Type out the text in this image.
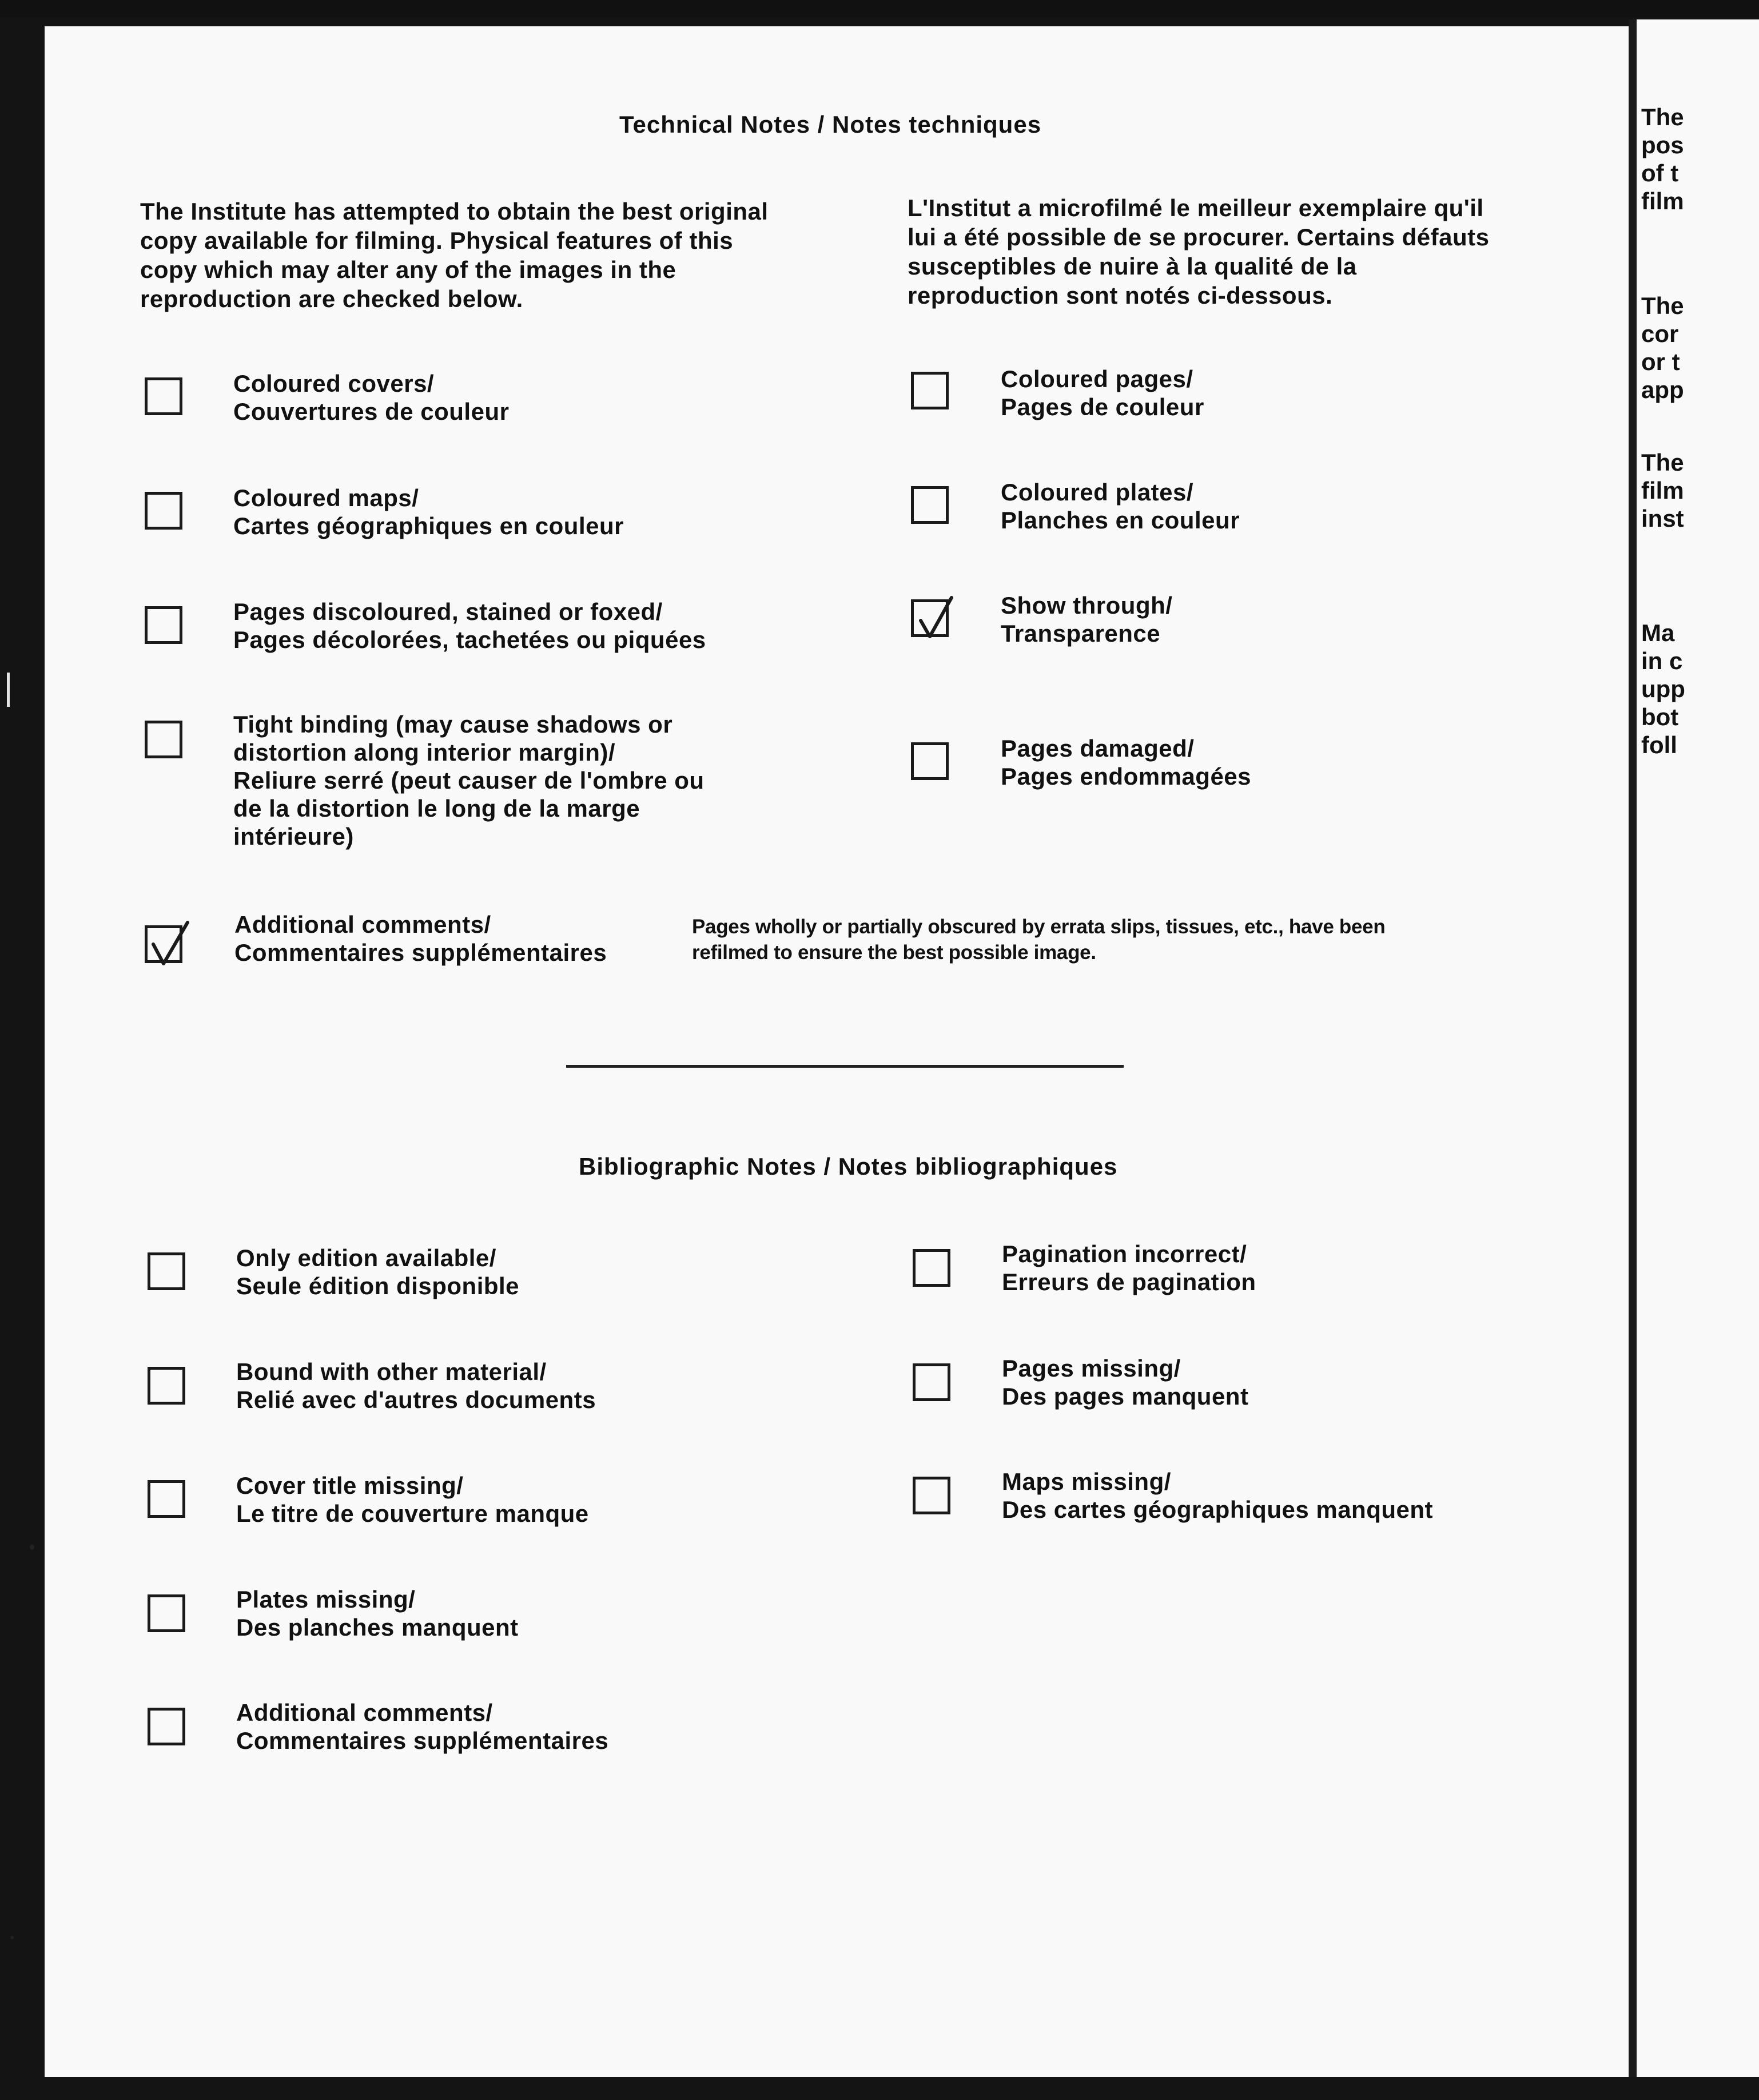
Technical Notes / Notes techniques
The Institute has attempted to obtain the best original copy available for filming. Physical features of this copy which may alter any of the images in the reproduction are checked below.
L'Institut a microfilmé le meilleur exemplaire qu'il lui a été possible de se procurer. Certains défauts susceptibles de nuire à la qualité de la reproduction sont notés ci-dessous.
Coloured covers/
Couvertures de couleur
Coloured maps/
Cartes géographiques en couleur
Pages discoloured, stained or foxed/
Pages décolorées, tachetées ou piquées
Tight binding (may cause shadows or
distortion along interior margin)/
Reliure serré (peut causer de l'ombre ou
de la distortion le long de la marge
intérieure)
Coloured pages/
Pages de couleur
Coloured plates/
Planches en couleur
Show through/
Transparence
Pages damaged/
Pages endommagées
Additional comments/
Commentaires supplémentaires
Pages wholly or partially obscured by errata slips, tissues, etc., have been
refilmed to ensure the best possible image.
Bibliographic Notes / Notes bibliographiques
Only edition available/
Seule édition disponible
Bound with other material/
Relié avec d'autres documents
Cover title missing/
Le titre de couverture manque
Plates missing/
Des planches manquent
Additional comments/
Commentaires supplémentaires
Pagination incorrect/
Erreurs de pagination
Pages missing/
Des pages manquent
Maps missing/
Des cartes géographiques manquent
The
pos
of t
film
The
cor
or t
app
The
film
inst
Ma
in c
upp
bot
foll
